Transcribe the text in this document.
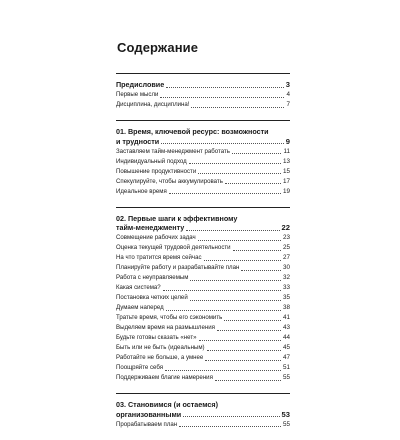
Содержание
Предисловие	3
Первые мысли	4
Дисциплина, дисциплина!	7
01. Время, ключевой ресурс: возможности
и трудности	9
Заставляем тайм-менеджмент работать	11
Индивидуальный подход	13
Повышение продуктивности	15
Спекулируйте, чтобы аккумулировать	17
Идеальное время	19
02. Первые шаги к эффективному
тайм-менеджменту	22
Совмещение рабочих задач	23
Оценка текущей трудовой деятельности	25
На что тратится время сейчас	27
Планируйте работу и разрабатывайте план	30
Работа с неуправляемым	32
Какая система?	33
Постановка четких целей	35
Думаем наперед	38
Тратьте время, чтобы его сэкономить	41
Выделяем время на размышления	43
Будьте готовы сказать «нет»	44
Быть или не быть (идеальным)	45
Работайте не больше, а умнее	47
Поощряйте себя	51
Поддерживаем благие намерения	55
03. Становимся (и остаемся)
организованными	53
Прорабатываем план	55
